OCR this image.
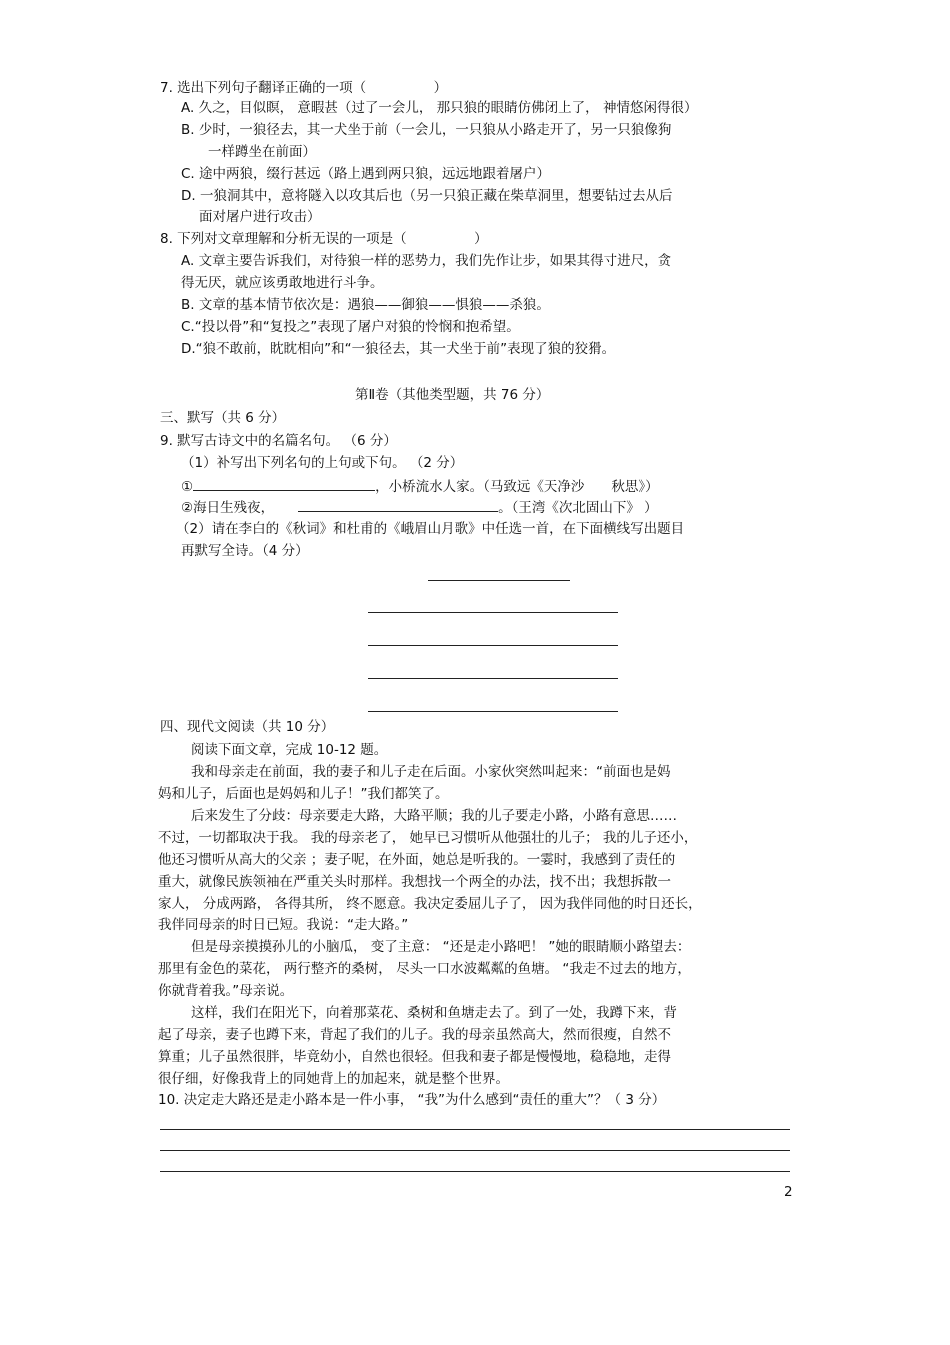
7. 选出下列句子翻译正确的一项（　　　　　）
A. 久之，目似瞑， 意暇甚（过了一会儿， 那只狼的眼睛仿佛闭上了， 神情悠闲得很）
B. 少时，一狼径去，其一犬坐于前（一会儿，一只狼从小路走开了，另一只狼像狗
一样蹲坐在前面）
C. 途中两狼，缀行甚远（路上遇到两只狼，远远地跟着屠户）
D. 一狼洞其中，意将隧入以攻其后也（另一只狼正藏在柴草洞里，想要钻过去从后
面对屠户进行攻击）
8. 下列对文章理解和分析无误的一项是（　　　　　）
A. 文章主要告诉我们，对待狼一样的恶势力，我们先作让步，如果其得寸进尺，贪
得无厌，就应该勇敢地进行斗争。
B. 文章的基本情节依次是：遇狼——御狼——惧狼——杀狼。
C.“投以骨”和“复投之”表现了屠户对狼的怜悯和抱希望。
D.“狼不敢前，眈眈相向”和“一狼径去，其一犬坐于前”表现了狼的狡猾。
第Ⅱ卷（其他类型题，共 76 分）
三、默写（共 6 分）
9. 默写古诗文中的名篇名句。 （6 分）
（1）补写出下列名句的上句或下句。 （2 分）
①	，小桥流水人家。（马致远《天净沙　　秋思》）
②海日生残夜，	。（王湾《次北固山下》 ）
（2）请在李白的《秋词》和杜甫的《峨眉山月歌》中任选一首，在下面横线写出题目
再默写全诗。（4 分）
四、现代文阅读（共 10 分）
阅读下面文章，完成 10-12 题。
我和母亲走在前面，我的妻子和儿子走在后面。小家伙突然叫起来：“前面也是妈
妈和儿子，后面也是妈妈和儿子！”我们都笑了。
后来发生了分歧：母亲要走大路，大路平顺；我的儿子要走小路，小路有意思……
不过，一切都取决于我。 我的母亲老了， 她早已习惯听从他强壮的儿子； 我的儿子还小，
他还习惯听从高大的父亲 ；妻子呢，在外面，她总是听我的。一霎时，我感到了责任的
重大，就像民族领袖在严重关头时那样。我想找一个两全的办法，找不出；我想拆散一
家人， 分成两路， 各得其所， 终不愿意。我决定委屈儿子了， 因为我伴同他的时日还长，
我伴同母亲的时日已短。我说：“走大路。”
但是母亲摸摸孙儿的小脑瓜， 变了主意： “还是走小路吧！ ”她的眼睛顺小路望去：
那里有金色的菜花， 两行整齐的桑树， 尽头一口水波粼粼的鱼塘。 “我走不过去的地方，
你就背着我。”母亲说。
这样，我们在阳光下，向着那菜花、桑树和鱼塘走去了。到了一处，我蹲下来，背
起了母亲，妻子也蹲下来，背起了我们的儿子。我的母亲虽然高大，然而很瘦，自然不
算重；儿子虽然很胖，毕竟幼小，自然也很轻。但我和妻子都是慢慢地，稳稳地，走得
很仔细，好像我背上的同她背上的加起来，就是整个世界。
10. 决定走大路还是走小路本是一件小事， “我”为什么感到“责任的重大”？（ 3 分）
2
